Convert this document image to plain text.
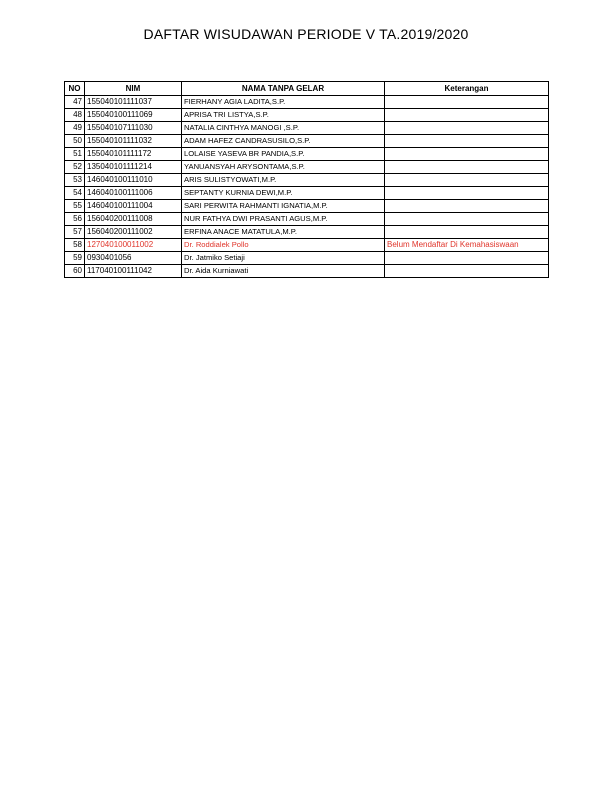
DAFTAR WISUDAWAN PERIODE V TA.2019/2020
NO	NIM	NAMA TANPA GELAR	Keterangan
47	155040101111037	FIERHANY AGIA LADITA,S.P.	
48	155040100111069	APRISA TRI LISTYA,S.P.	
49	155040107111030	NATALIA CINTHYA MANOGI ,S.P.	
50	155040101111032	ADAM HAFEZ CANDRASUSILO,S.P.	
51	155040101111172	LOLAISE YASEVA BR PANDIA,S.P.	
52	135040101111214	YANUANSYAH ARYSONTAMA,S.P.	
53	146040100111010	ARIS SULISTYOWATI,M.P.	
54	146040100111006	SEPTANTY KURNIA DEWI,M.P.	
55	146040100111004	SARI PERWITA RAHMANTI IGNATIA,M.P.	
56	156040200111008	NUR FATHYA DWI PRASANTI AGUS,M.P.	
57	156040200111002	ERFINA ANACE MATATULA,M.P.	
58	127040100011002	Dr. Roddialek Pollo	Belum Mendaftar Di Kemahasiswaan
59	0930401056	Dr. Jatmiko Setiaji	
60	117040100111042	Dr. Aida Kurniawati	
